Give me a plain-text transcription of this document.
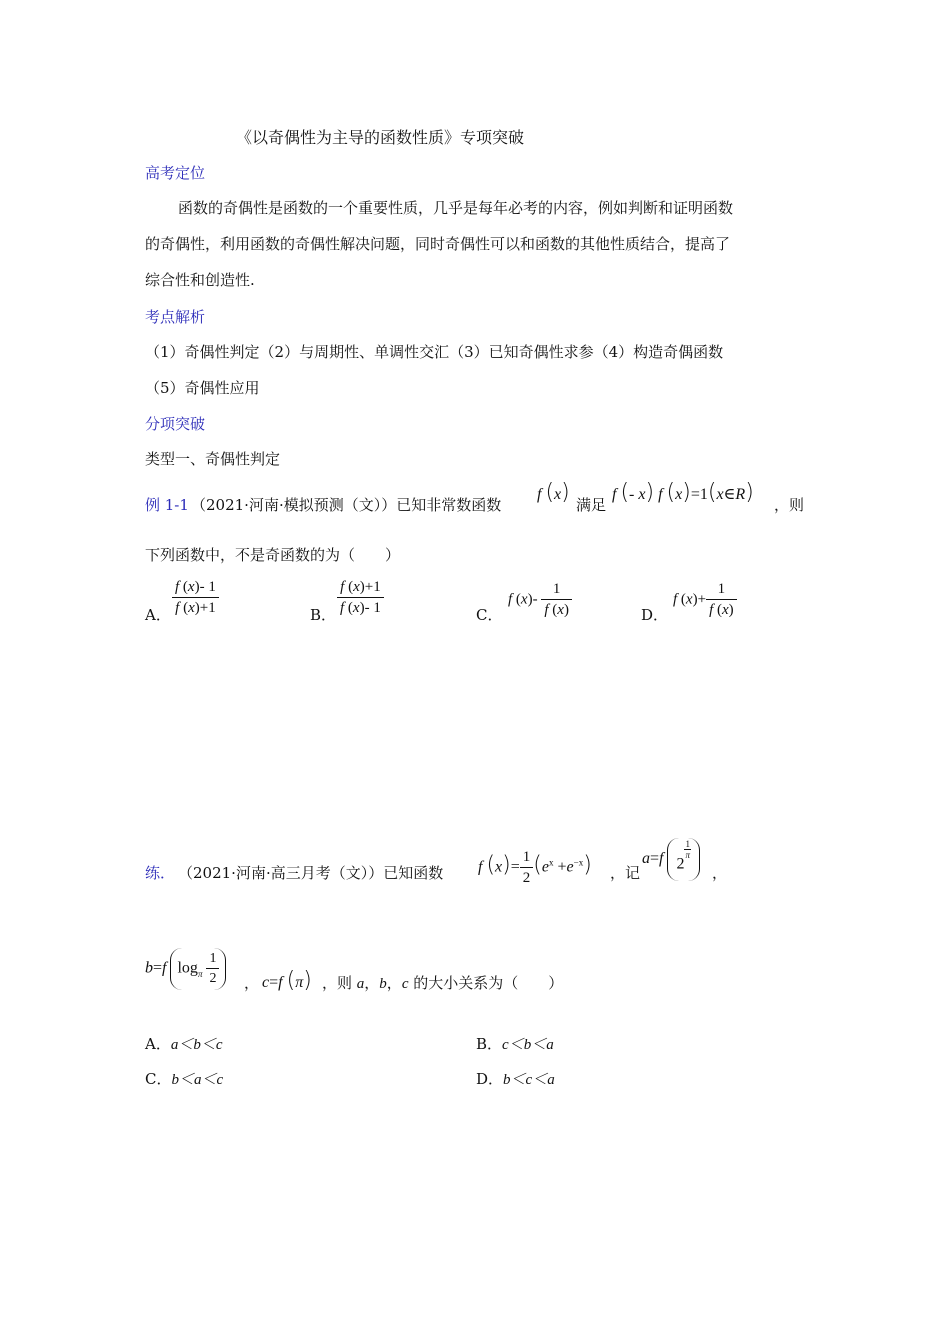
《以奇偶性为主导的函数性质》专项突破
高考定位
函数的奇偶性是函数的一个重要性质，几乎是每年必考的内容，例如判断和证明函数
的奇偶性，利用函数的奇偶性解决问题，同时奇偶性可以和函数的其他性质结合，提高了
综合性和创造性.
考点解析
（1）奇偶性判定（2）与周期性、单调性交汇（3）已知奇偶性求参（4）构造奇偶函数
（5）奇偶性应用
分项突破
类型一、奇偶性判定
例 1-1 （2021·河南·模拟预测（文））已知非常数函数
f (x) 满足
f (- x) f (x)=1(x∈R) ，则
下列函数中，不是奇函数的为（　　）
A． $\frac{f (x)- 1}{f (x)+1}$	B． $\frac{f (x)+1}{f (x)- 1}$	C．
f $(x)- \frac{1}{f (x)}$	D．
f $(x)+ \frac{1}{f (x)}$
练． （2021·河南·高三月考（文））已知函数 f $(x)= \frac{1}{2} (e^x +e^{-x})$ ，记
a=f 2
$^{\frac{1}{\pi}}$
，
b=f $\log_\pi \frac{1}{2}$ ， c=f (π) ，则 a，b，c 的大小关系为（　　）
A．a＜b＜c	B．c＜b＜a
C．b＜a＜c	D．b＜c＜a
